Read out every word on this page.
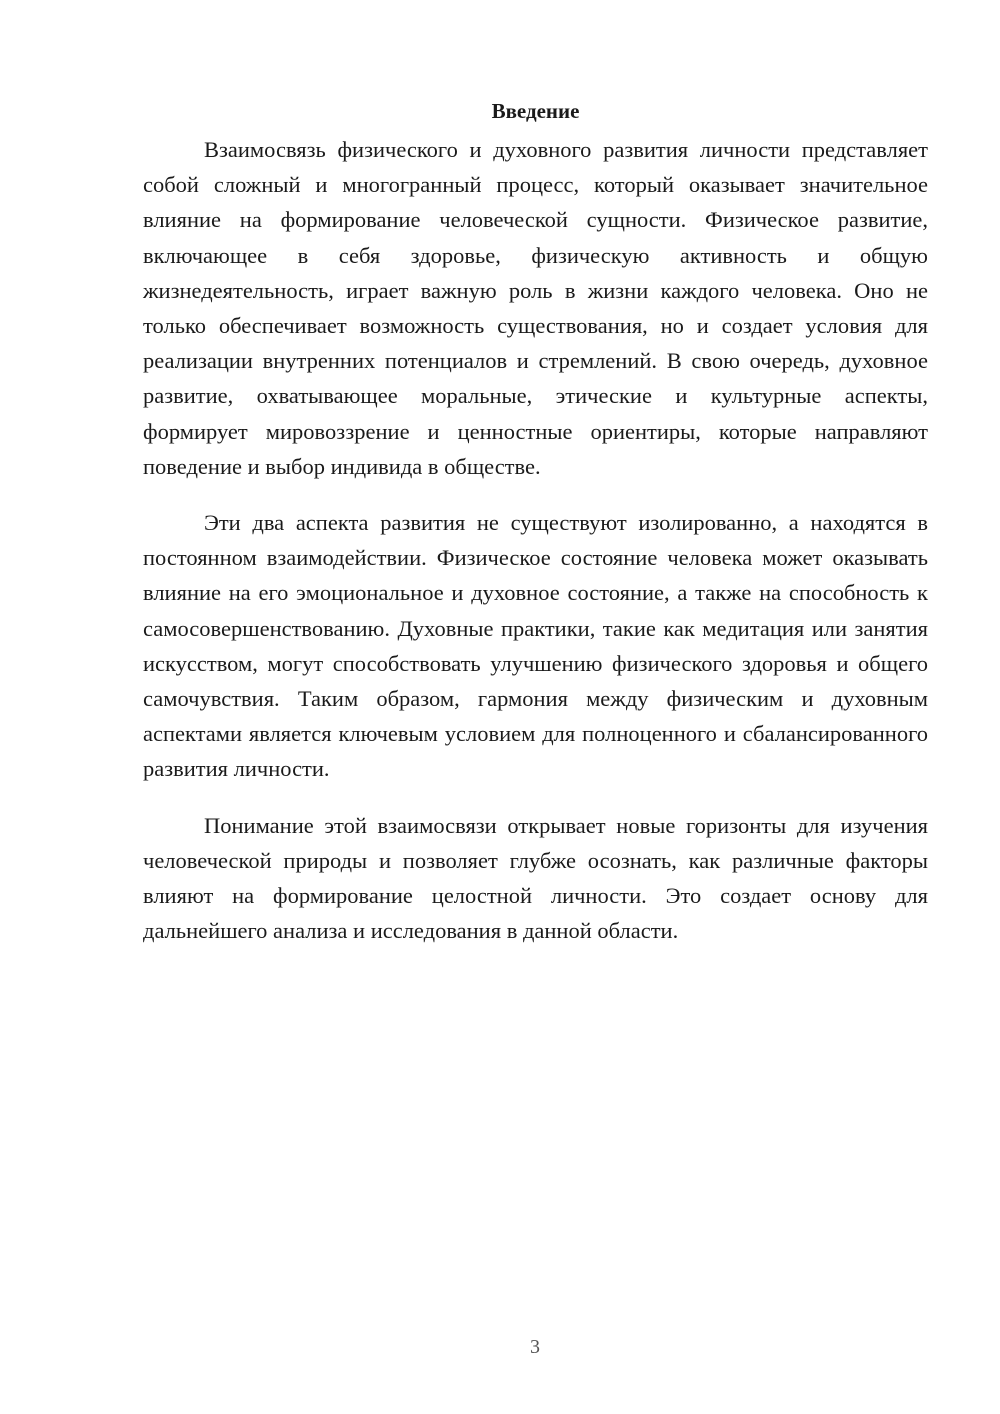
Введение

Взаимосвязь физического и духовного развития личности представляет собой сложный и многогранный процесс, который оказывает значительное влияние на формирование человеческой сущности. Физическое развитие, включающее в себя здоровье, физическую активность и общую жизнедеятельность, играет важную роль в жизни каждого человека. Оно не только обеспечивает возможность существования, но и создает условия для реализации внутренних потенциалов и стремлений. В свою очередь, духовное развитие, охватывающее моральные, этические и культурные аспекты, формирует мировоззрение и ценностные ориентиры, которые направляют поведение и выбор индивида в обществе.

Эти два аспекта развития не существуют изолированно, а находятся в постоянном взаимодействии. Физическое состояние человека может оказывать влияние на его эмоциональное и духовное состояние, а также на способность к самосовершенствованию. Духовные практики, такие как медитация или занятия искусством, могут способствовать улучшению физического здоровья и общего самочувствия. Таким образом, гармония между физическим и духовным аспектами является ключевым условием для полноценного и сбалансированного развития личности.

Понимание этой взаимосвязи открывает новые горизонты для изучения человеческой природы и позволяет глубже осознать, как различные факторы влияют на формирование целостной личности. Это создает основу для дальнейшего анализа и исследования в данной области.

3
